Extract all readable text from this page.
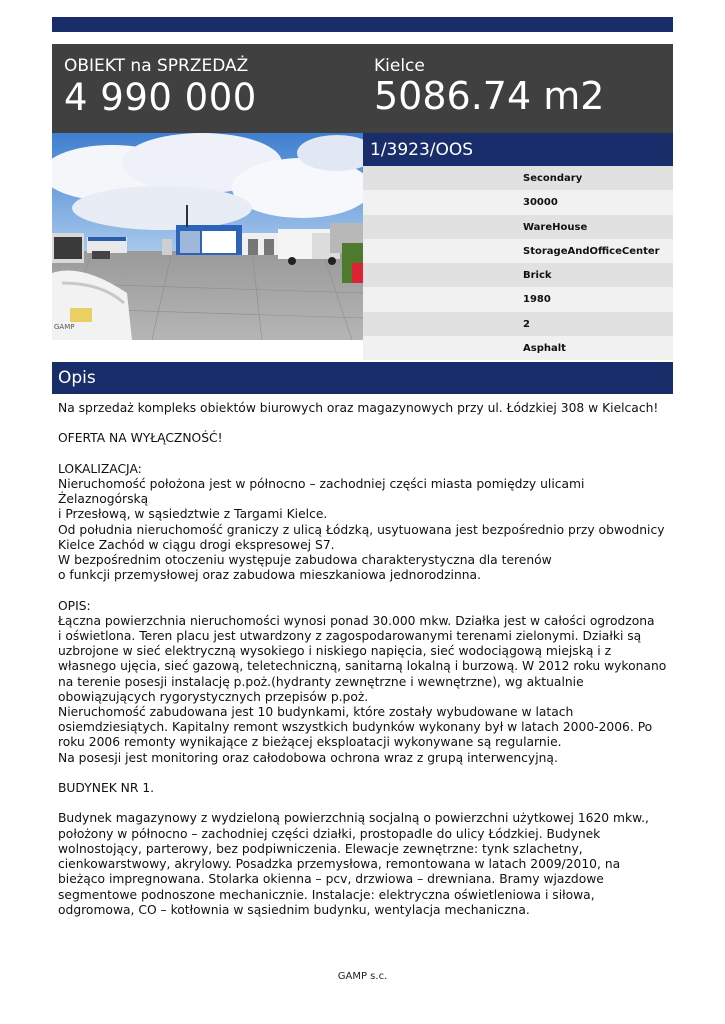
OBIEKT na SPRZEDAŻ
4 990 000
Kielce
5086.74 m2
GAMP
1/3923/OOS
Secondary
30000
WareHouse
StorageAndOfficeCenter
Brick
1980
2
Asphalt
Opis

Na sprzedaż kompleks obiektów biurowych oraz magazynowych przy ul. Łódzkiej 308 w Kielcach!

OFERTA NA WYŁĄCZNOŚĆ!

LOKALIZACJA:
Nieruchomość położona jest w północno – zachodniej części miasta pomiędzy ulicami Żelaznogórską
i Przesłową, w sąsiedztwie z Targami Kielce.
Od południa nieruchomość graniczy z ulicą Łódzką, usytuowana jest bezpośrednio przy obwodnicy Kielce Zachód w ciągu drogi ekspresowej S7.
W bezpośrednim otoczeniu występuje zabudowa charakterystyczna dla terenów
o funkcji przemysłowej oraz zabudowa mieszkaniowa jednorodzinna.

OPIS:
Łączna powierzchnia nieruchomości wynosi ponad 30.000 mkw. Działka jest w całości ogrodzona
i oświetlona. Teren placu jest utwardzony z zagospodarowanymi terenami zielonymi. Działki są uzbrojone w sieć elektryczną wysokiego i niskiego napięcia, sieć wodociągową miejską i z własnego ujęcia, sieć gazową, teletechniczną, sanitarną lokalną i burzową. W 2012 roku wykonano na terenie posesji instalację p.poż.(hydranty zewnętrzne i wewnętrzne), wg aktualnie obowiązujących rygorystycznych przepisów p.poż.
Nieruchomość zabudowana jest 10 budynkami, które zostały wybudowane w latach osiemdziesiątych. Kapitalny remont wszystkich budynków wykonany był w latach 2000-2006. Po roku 2006 remonty wynikające z bieżącej eksploatacji wykonywane są regularnie.
Na posesji jest monitoring oraz całodobowa ochrona wraz z grupą interwencyjną.

BUDYNEK NR 1.

Budynek magazynowy z wydzieloną powierzchnią socjalną o powierzchni użytkowej 1620 mkw., położony w północno – zachodniej części działki, prostopadle do ulicy Łódzkiej. Budynek wolnostojący, parterowy, bez podpiwniczenia. Elewacje zewnętrzne: tynk szlachetny, cienkowarstwowy, akrylowy. Posadzka przemysłowa, remontowana w latach 2009/2010, na bieżąco impregnowana. Stolarka okienna – pcv, drzwiowa – drewniana. Bramy wjazdowe segmentowe podnoszone mechanicznie. Instalacje: elektryczna oświetleniowa i siłowa, odgromowa, CO – kotłownia w sąsiednim budynku, wentylacja mechaniczna.

GAMP s.c.
